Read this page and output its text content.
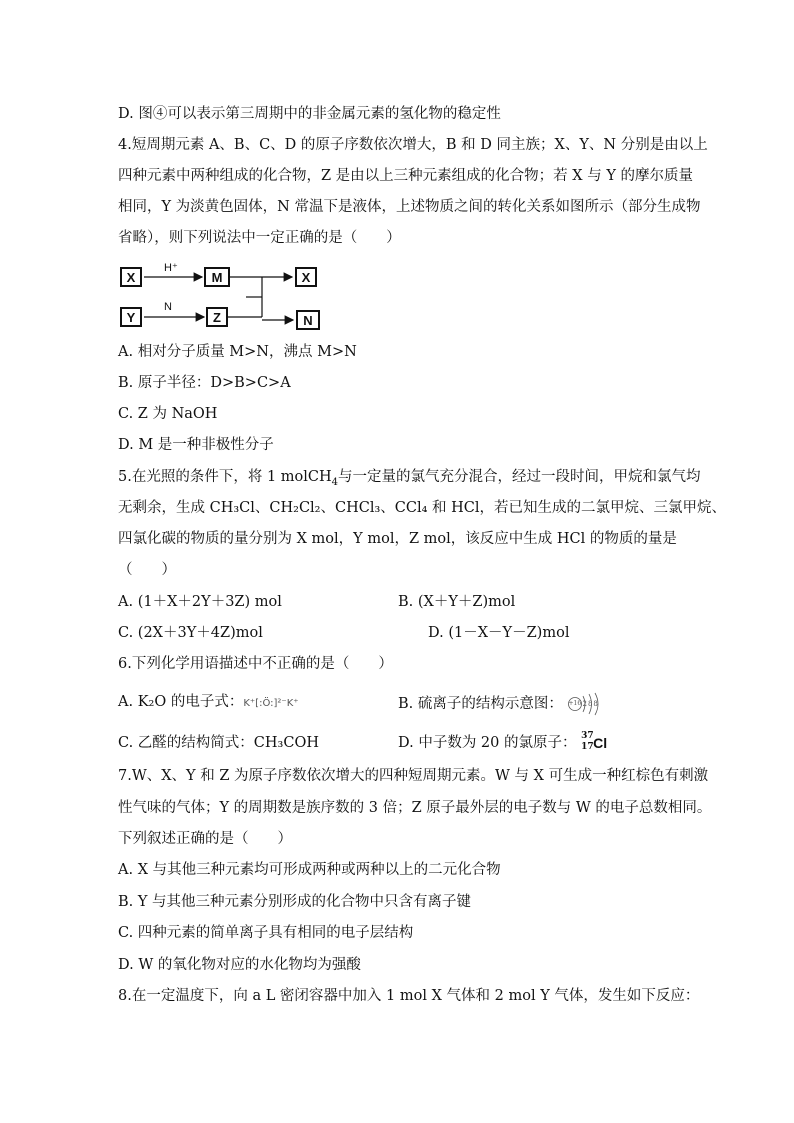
D. 图④可以表示第三周期中的非金属元素的氢化物的稳定性
4.短周期元素 A、B、C、D 的原子序数依次增大，B 和 D 同主族；X、Y、N 分别是由以上
四种元素中两种组成的化合物，Z 是由以上三种元素组成的化合物；若 X 与 Y 的摩尔质量
相同，Y 为淡黄色固体，N 常温下是液体，上述物质之间的转化关系如图所示（部分生成物
省略），则下列说法中一定正确的是（　　）
X
H⁺
M	X
Y
N
Z	N
A. 相对分子质量 M>N，沸点 M>N
B. 原子半径：D>B>C>A
C. Z 为 NaOH
D. M 是一种非极性分子
5.在光照的条件下，将 1 molCH$_4$与一定量的氯气充分混合，经过一段时间，甲烷和氯气均
无剩余，生成 CH₃Cl、CH₂Cl₂、CHCl₃、CCl₄ 和 HCl，若已知生成的二氯甲烷、三氯甲烷、
四氯化碳的物质的量分别为 X mol，Y mol，Z mol，该反应中生成 HCl 的物质的量是
（　　）
A. (1＋X＋2Y＋3Z) mol	B. (X＋Y＋Z)mol
C. (2X＋3Y＋4Z)mol	D. (1－X－Y－Z)mol
6.下列化学用语描述中不正确的是（　　）
A. K₂O 的电子式：K⁺[:Ö:]²⁻K⁺	B. 硫离子的结构示意图： +16 288
C. 乙醛的结构简式：CH₃COH	D. 中子数为 20 的氯原子： 37
17 Cl
7.W、X、Y 和 Z 为原子序数依次增大的四种短周期元素。W 与 X 可生成一种红棕色有刺激
性气味的气体；Y 的周期数是族序数的 3 倍；Z 原子最外层的电子数与 W 的电子总数相同。
下列叙述正确的是（　　）
A. X 与其他三种元素均可形成两种或两种以上的二元化合物
B. Y 与其他三种元素分别形成的化合物中只含有离子键
C. 四种元素的简单离子具有相同的电子层结构
D. W 的氧化物对应的水化物均为强酸
8.在一定温度下，向 a L 密闭容器中加入 1 mol X 气体和 2 mol Y 气体，发生如下反应：
